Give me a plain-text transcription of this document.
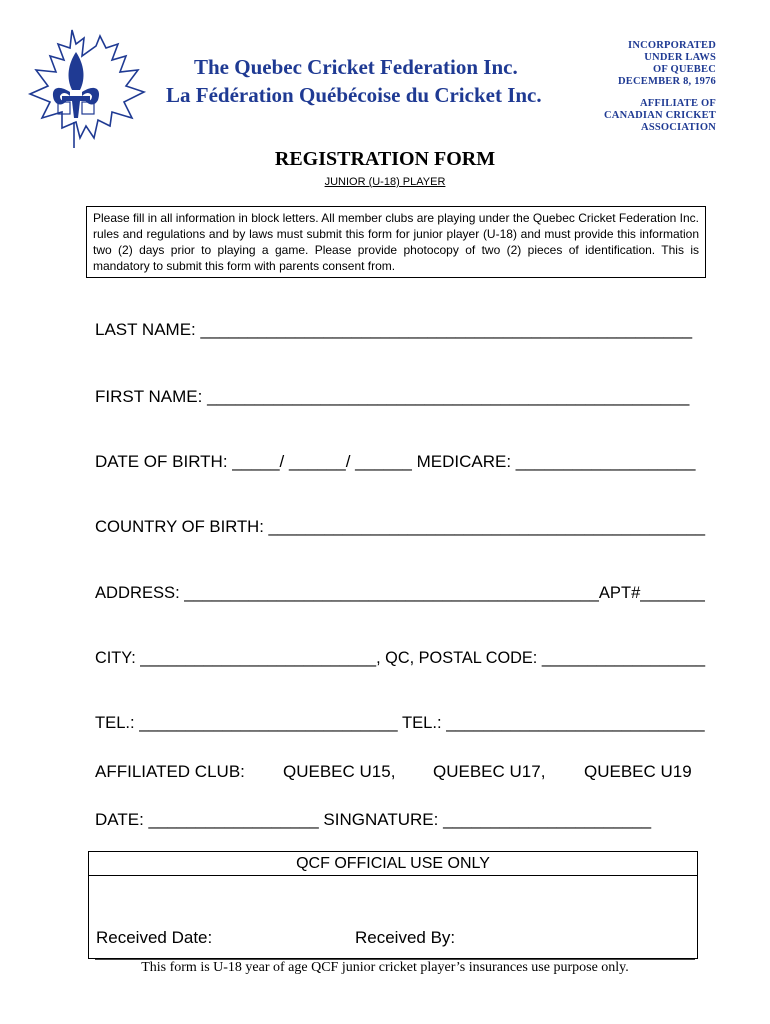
The Quebec Cricket Federation Inc.
La Fédération Québécoise du Cricket Inc.
INCORPORATED
UNDER LAWS
OF QUEBEC
DECEMBER 8, 1976
AFFILIATE OF
CANADIAN CRICKET
ASSOCIATION
REGISTRATION FORM
JUNIOR (U-18) PLAYER
Please fill in all information in block letters. All member clubs are playing under the Quebec Cricket Federation Inc. rules and regulations and by laws must submit this form for junior player (U-18) and must provide this information two (2) days prior to playing a game. Please provide photocopy of two (2) pieces of identification. This is mandatory to submit this form with parents consent from.
LAST NAME: ____________________________________________________
FIRST NAME: ___________________________________________________
DATE OF BIRTH: _____/ ______/ ______ MEDICARE: ___________________
COUNTRY OF BIRTH: _______________________________________________
ADDRESS: _____________________________________________APT#_______
CITY: __________________________, QC, POSTAL CODE: __________________
TEL.: ____________________________ TEL.: ____________________________
AFFILIATED CLUB: QUEBEC U15, QUEBEC U17, QUEBEC U19
DATE: __________________ SINGNATURE: ______________________
QCF OFFICIAL USE ONLY
Received Date:	Received By:
This form is U-18 year of age QCF junior cricket player’s insurances use purpose only.
